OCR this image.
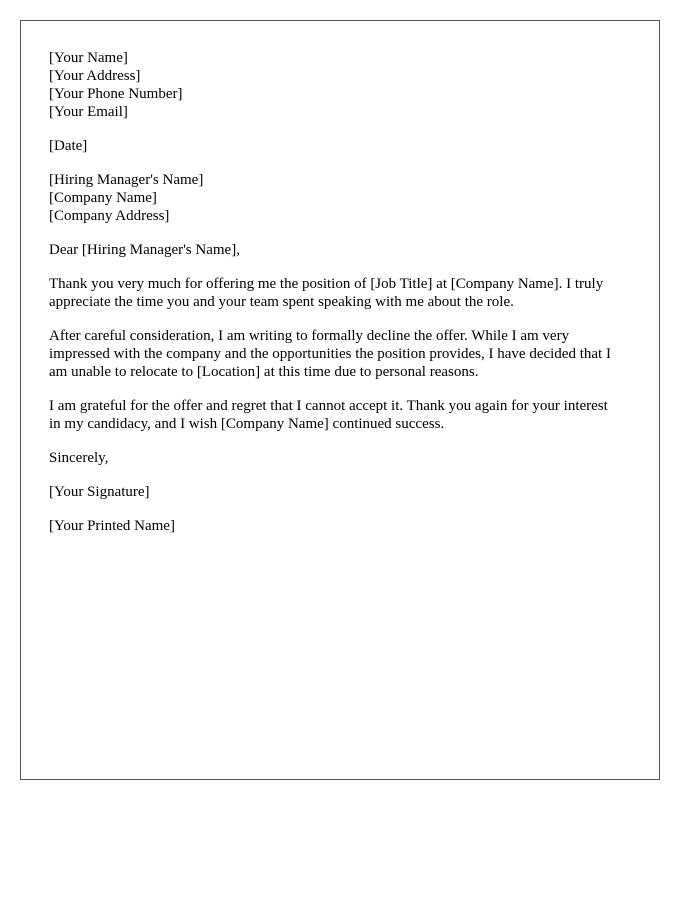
[Your Name]
[Your Address]
[Your Phone Number]
[Your Email]
[Date]
[Hiring Manager's Name]
[Company Name]
[Company Address]

Dear [Hiring Manager's Name],

Thank you very much for offering me the position of [Job Title] at [Company Name]. I truly appreciate the time you and your team spent speaking with me about the role.

After careful consideration, I am writing to formally decline the offer. While I am very impressed with the company and the opportunities the position provides, I have decided that I am unable to relocate to [Location] at this time due to personal reasons.

I am grateful for the offer and regret that I cannot accept it. Thank you again for your interest in my candidacy, and I wish [Company Name] continued success.

Sincerely,

[Your Signature]

[Your Printed Name]
